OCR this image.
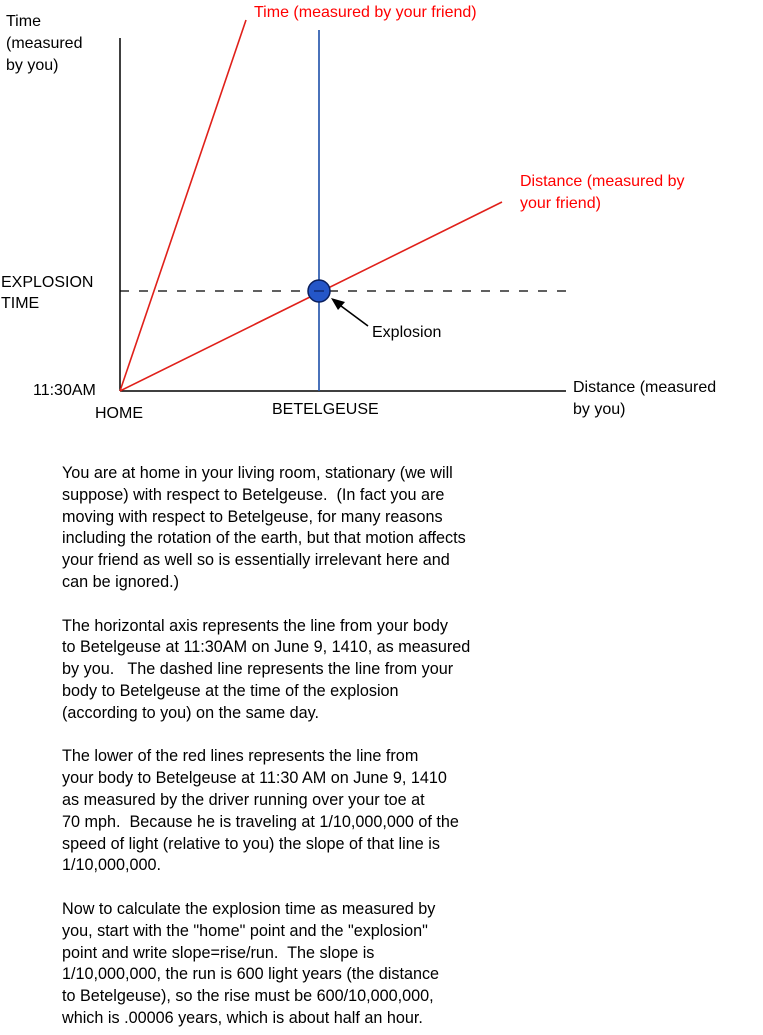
Time
(measured
by you)
Time (measured by your friend)
Distance (measured by
your friend)
EXPLOSION
TIME
Explosion
11:30AM
HOME	BETELGEUSE
Distance (measured
by you)

You are at home in your living room, stationary (we will
suppose) with respect to Betelgeuse.  (In fact you are
moving with respect to Betelgeuse, for many reasons
including the rotation of the earth, but that motion affects
your friend as well so is essentially irrelevant here and
can be ignored.)

The horizontal axis represents the line from your body
to Betelgeuse at 11:30AM on June 9, 1410, as measured
by you.   The dashed line represents the line from your
body to Betelgeuse at the time of the explosion
(according to you) on the same day.

The lower of the red lines represents the line from
your body to Betelgeuse at 11:30 AM on June 9, 1410
as measured by the driver running over your toe at
70 mph.  Because he is traveling at 1/10,000,000 of the
speed of light (relative to you) the slope of that line is
1/10,000,000.

Now to calculate the explosion time as measured by
you, start with the "home" point and the "explosion"
point and write slope=rise/run.  The slope is
1/10,000,000, the run is 600 light years (the distance
to Betelgeuse), so the rise must be 600/10,000,000,
which is .00006 years, which is about half an hour.
